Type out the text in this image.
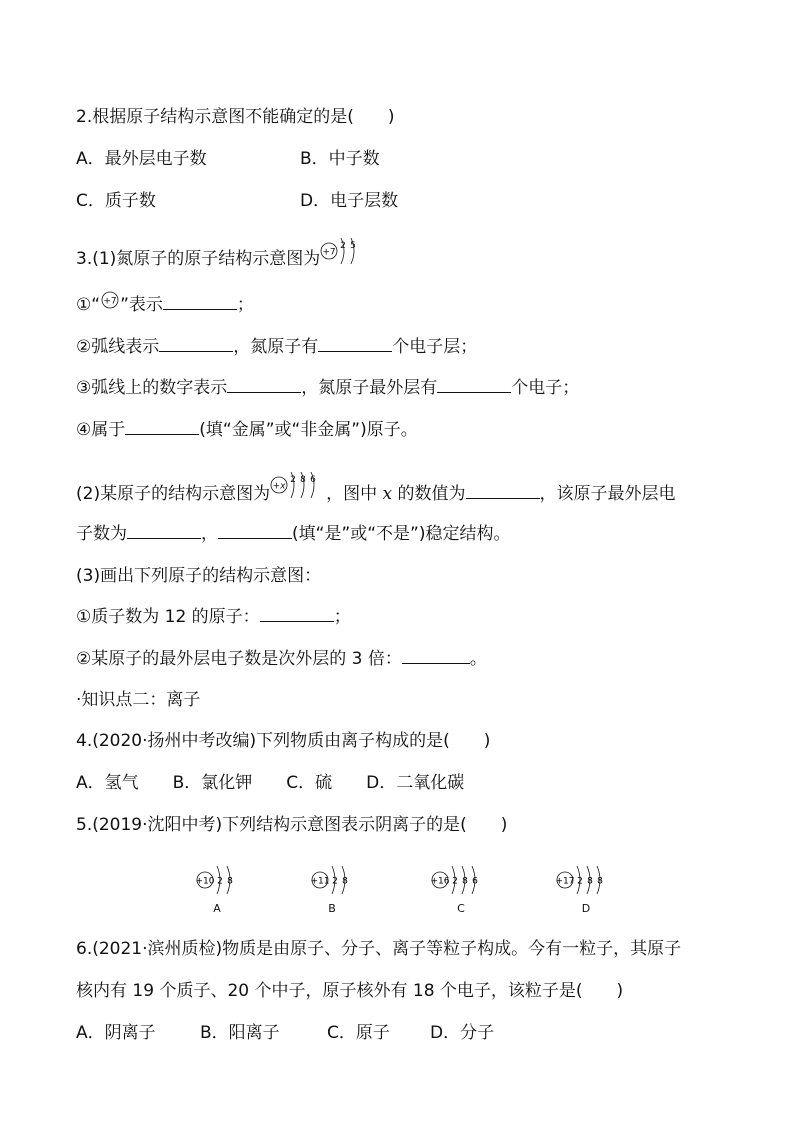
2.根据原子结构示意图不能确定的是(　　)
A．最外层电子数	B．中子数
C．质子数	D．电子层数
3.(1)氮原子的原子结构示意图为 +7
2 5
①“ +7 ”表示	；
②弧线表示	，氮原子有	个电子层；
③弧线上的数字表示	，氮原子最外层有	个电子；
④属于	(填“金属”或“非金属”)原子。
(2)某原子的结构示意图为 +x
2 8 6
，图中 x 的数值为	，该原子最外层电
子数为	，	(填“是”或“不是”)稳定结构。
(3)画出下列原子的结构示意图：
①质子数为 12 的原子：	；
②某原子的最外层电子数是次外层的 3 倍：	。
·知识点二：离子
4.(2020·扬州中考改编)下列物质由离子构成的是(　　)
A．氢气　　B．氯化钾　　C．硫　　D．二氧化碳
5.(2019·沈阳中考)下列结构示意图表示阴离子的是(　　)
+10 2 8
A
+11 2 8
B
+16 2 8 6
C
+17 2 8 8
D
6.(2021·滨州质检)物质是由原子、分子、离子等粒子构成。今有一粒子，其原子
核内有 19 个质子、20 个中子，原子核外有 18 个电子，该粒子是(　　)
A．阴离子	B．阳离子	C．原子 D．分子
